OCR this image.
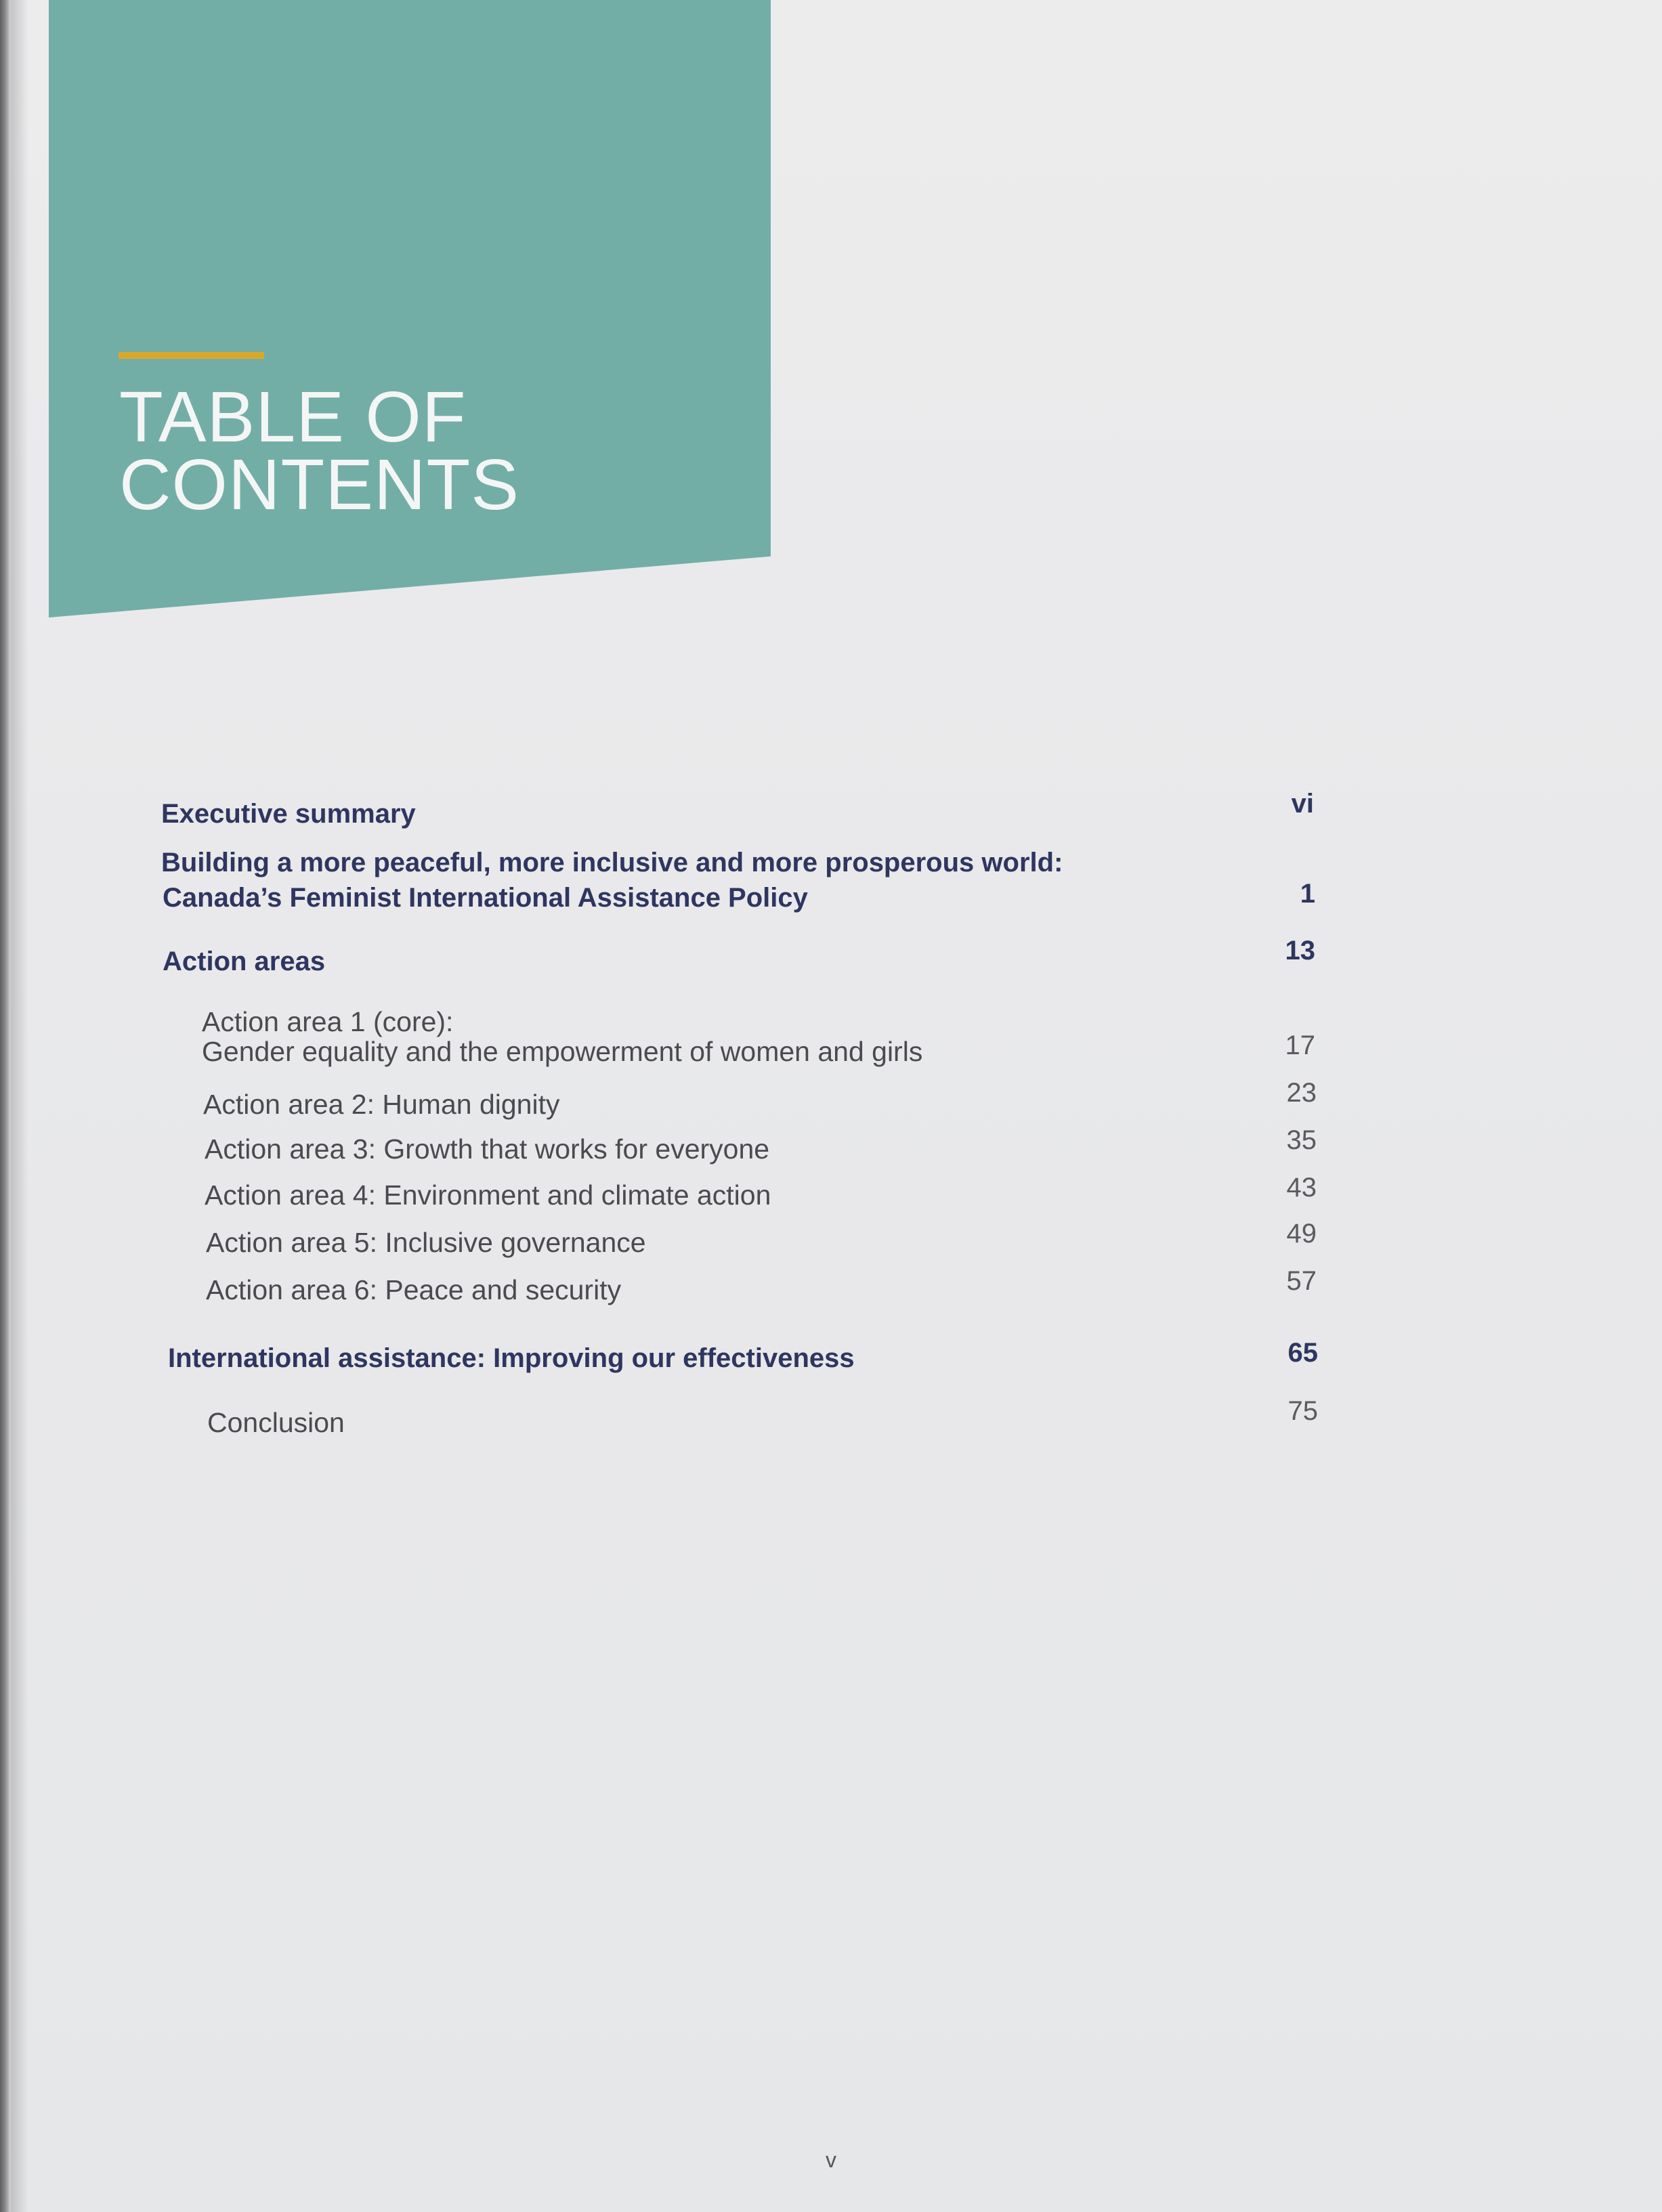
TABLE OF
CONTENTS
Executive summary	vi
Building a more peaceful, more inclusive and more prosperous world:
Canada’s Feminist International Assistance Policy	1
Action areas	13
Action area 1 (core):
Gender equality and the empowerment of women and girls	17
Action area 2: Human dignity	23
Action area 3: Growth that works for everyone	35
Action area 4: Environment and climate action	43
Action area 5: Inclusive governance	49
Action area 6: Peace and security	57
International assistance: Improving our effectiveness	65
Conclusion	75
v
